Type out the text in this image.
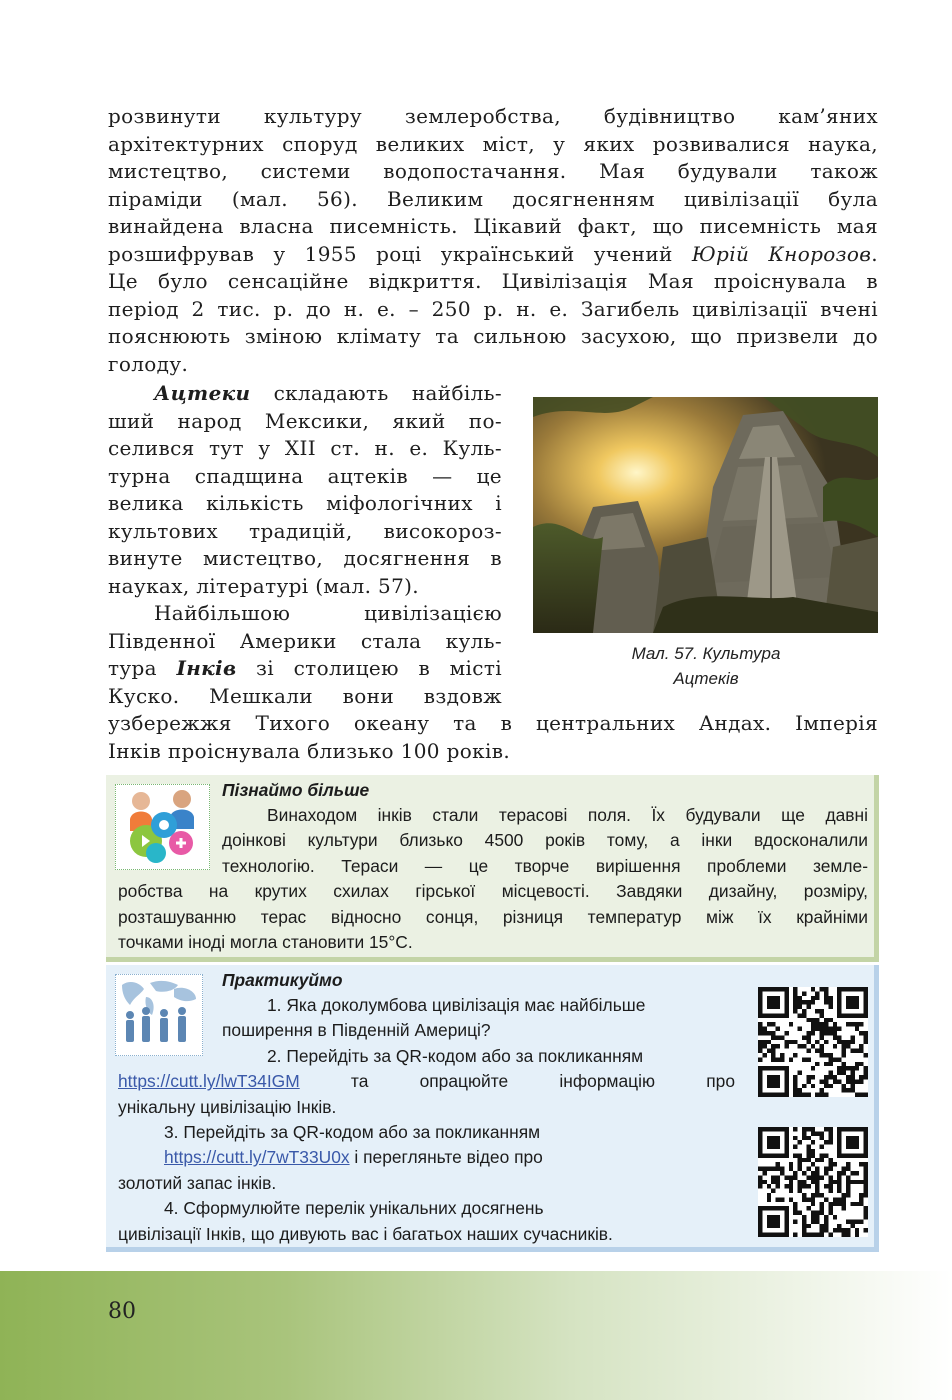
розвинути культуру землеробства, будівництво кам’яних
архітектурних споруд великих міст, у яких розвивалися наука,
мистецтво, системи водопостачання. Мая будували також
піраміди (мал. 56). Великим досягненням цивілізації була
винайдена власна писемність. Цікавий факт, що писемність мая
розшифрував у 1955 році український учений Юрій Кнорозов.
Це було сенсаційне відкриття. Цивілізація Мая проіснувала в
період 2 тис. р. до н. е. – 250 р. н. е. Загибель цивілізації вчені
пояснюють зміною клімату та сильною засухою, що призвели до
голоду.
Ацтеки складають найбіль-
ший народ Мексики, який по-
селився тут у XII ст. н. е. Куль-
турна спадщина ацтеків — це
велика кількість міфологічних і
культових традицій, високороз-
винуте мистецтво, досягнення в
науках, літературі (мал. 57).
Найбільшою цивілізацією
Південної Америки стала куль-
тура Інків зі столицею в місті
Куско. Мешкали вони вздовж
узбережжя Тихого океану та в центральних Андах. Імперія
Інків проіснувала близько 100 років.
Мал. 57. Культура
Ацтеків
Пізнаймо більше
Винаходом інків стали терасові поля. Їх будували ще давні
доінкові культури близько 4500 років тому, а інки вдосконалили
технологію. Тераси — це творче вирішення проблеми земле-
робства на крутих схилах гірської місцевості. Завдяки дизайну, розміру,
розташуванню терас відносно сонця, різниця температур між їх крайніми
точками іноді могла становити 15°С.
Практикуймо
1. Яка доколумбова цивілізація має найбільше
поширення в Південній Америці?
2. Перейдіть за QR-кодом або за покликанням
https://cutt.ly/lwT34IGM	та опрацюйте інформацію про
унікальну цивілізацію Інків.
3. Перейдіть за QR-кодом або за покликанням
https://cutt.ly/7wT33U0x і перегляньте відео про
золотий запас інків.
4. Сформулюйте перелік унікальних досягнень
цивілізації Інків, що дивують вас і багатьох наших сучасників.
80
